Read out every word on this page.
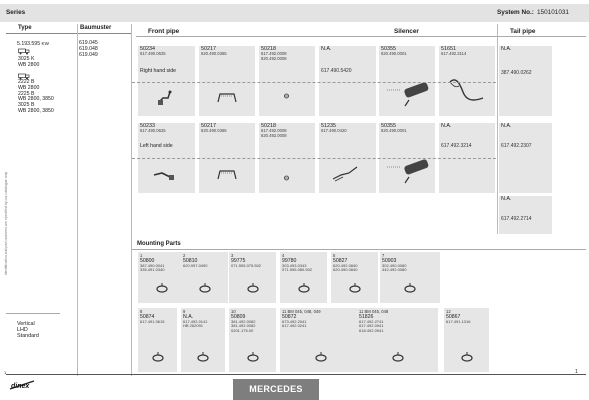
Series	System No.: 150101031
Identification and part numbers are specified by our catalogue only
Type	Baumuster	Front pipe	Silencer	Tail pipe
5.193.595 KW	619.045
619.048
619.049
3025 K
WB 2800
2222 B
WB 2800
2225 B
WB 2800, 3850
3025 B
WB 2800, 3850
50234
617.490.0625
Right hand side
50217
620.490.0365
50218
617.492.0008
620.492.0008
N.A.
617.490.5420
50355
620.490.0001
51651
617.492.3114
N.A.
387.490.0262
50233
617.490.0625
Left hand side
50217
620.490.0365
50218
617.492.0008
620.492.0008
51235
617.490.0420
50355
620.490.0001
N.A.
617.492.3214
N.A.
617.492.2307
N.A.
617.492.2714
Mounting Parts
1
50800
387.490.0041
335.491.0340
2
50810
620.997.0490
3
99775
071.555.075.502
4
99780
303.493.0343
071.555.080.502
5
50827
620.492.0840
620.490.0840
7
50903
302.490.0080
442.492.0080
8
50874
617.491.0615
9
N.A.
617.492.0141
HB 262091
10
50809
381.492.0082
381.492.0082
0201.175.00
11 BM 045, 048, 049
50872
673.492.2041
617.492.0241
11 BM 045, 048
51826
617.492.2741
617.492.0941
618.492.0941
12
50867
617.491.1316
Vertical
LHD
Standard
1	1
dinex	MERCEDES
